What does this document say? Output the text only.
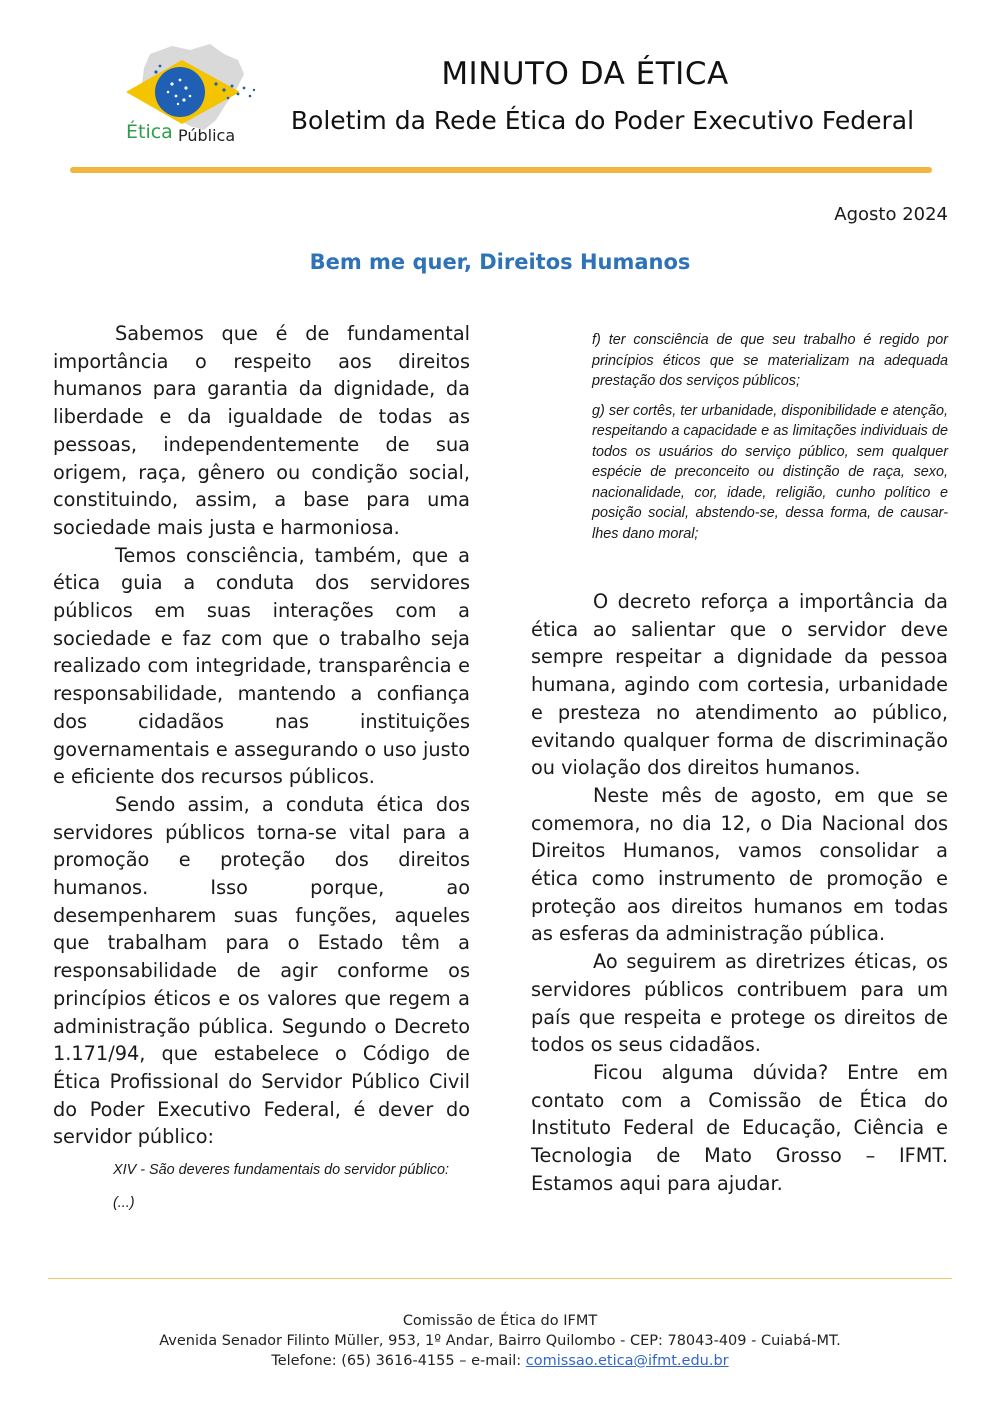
Ética Pública
MINUTO DA ÉTICA
Boletim da Rede Ética do Poder Executivo Federal
Agosto 2024
Bem me quer, Direitos Humanos

Sabemos que é de fundamental importância o respeito aos direitos humanos para garantia da dignidade, da liberdade e da igualdade de todas as pessoas, independentemente de sua origem, raça, gênero ou condição social, constituindo, assim, a base para uma sociedade mais justa e harmoniosa.

Temos consciência, também, que a ética guia a conduta dos servidores públicos em suas interações com a sociedade e faz com que o trabalho seja realizado com integridade, transparência e responsabilidade, mantendo a confiança dos cidadãos nas instituições governamentais e assegurando o uso justo e eficiente dos recursos públicos.

Sendo assim, a conduta ética dos servidores públicos torna-se vital para a promoção e proteção dos direitos humanos. Isso porque, ao desempenharem suas funções, aqueles que trabalham para o Estado têm a responsabilidade de agir conforme os princípios éticos e os valores que regem a administração pública. Segundo o Decreto 1.171/94, que estabelece o Código de Ética Profissional do Servidor Público Civil do Poder Executivo Federal, é dever do servidor público:

XIV - São deveres fundamentais do servidor público:

(...)

f) ter consciência de que seu trabalho é regido por princípios éticos que se materializam na adequada prestação dos serviços públicos;

g) ser cortês, ter urbanidade, disponibilidade e atenção, respeitando a capacidade e as limitações individuais de todos os usuários do serviço público, sem qualquer espécie de preconceito ou distinção de raça, sexo, nacionalidade, cor, idade, religião, cunho político e posição social, abstendo-se, dessa forma, de causar-lhes dano moral;

O decreto reforça a importância da ética ao salientar que o servidor deve sempre respeitar a dignidade da pessoa humana, agindo com cortesia, urbanidade e presteza no atendimento ao público, evitando qualquer forma de discriminação ou violação dos direitos humanos.

Neste mês de agosto, em que se comemora, no dia 12, o Dia Nacional dos Direitos Humanos, vamos consolidar a ética como instrumento de promoção e proteção aos direitos humanos em todas as esferas da administração pública.

Ao seguirem as diretrizes éticas, os servidores públicos contribuem para um país que respeita e protege os direitos de todos os seus cidadãos.

Ficou alguma dúvida? Entre em contato com a Comissão de Ética do Instituto Federal de Educação, Ciência e Tecnologia de Mato Grosso – IFMT. Estamos aqui para ajudar.

Comissão de Ética do IFMT
Avenida Senador Filinto Müller, 953, 1º Andar, Bairro Quilombo - CEP: 78043-409 - Cuiabá-MT.
Telefone: (65) 3616-4155 – e-mail: comissao.etica@ifmt.edu.br
